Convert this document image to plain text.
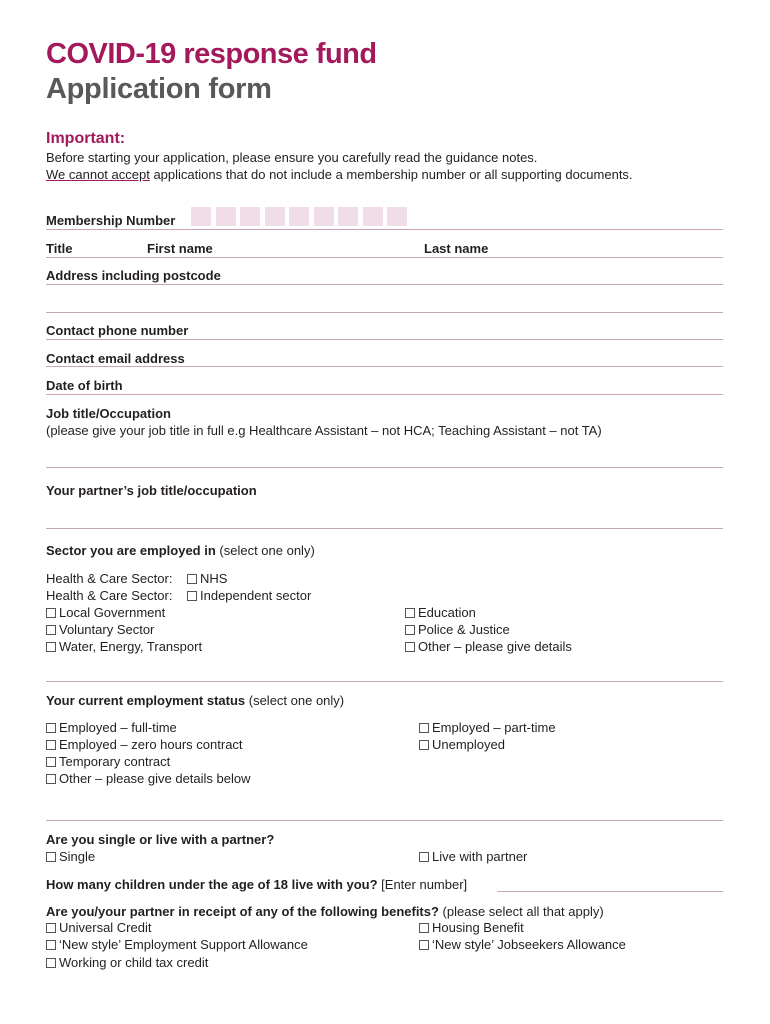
COVID-19 response fund
Application form
Important:
Before starting your application, please ensure you carefully read the guidance notes.
We cannot accept applications that do not include a membership number or all supporting documents.
Membership Number
Title	First name	Last name
Address including postcode
Contact phone number
Contact email address
Date of birth
Job title/Occupation
(please give your job title in full e.g Healthcare Assistant – not HCA; Teaching Assistant – not TA)
Your partner’s job title/occupation
Sector you are employed in (select one only)
Health & Care Sector:	NHS
Health & Care Sector:	Independent sector
Local Government
Voluntary Sector
Water, Energy, Transport
Education
Police & Justice
Other – please give details
Your current employment status (select one only)
Employed – full-time
Employed – zero hours contract
Temporary contract
Other – please give details below
Employed – part-time
Unemployed
Are you single or live with a partner?
Single	Live with partner
How many children under the age of 18 live with you? [Enter number]
Are you/your partner in receipt of any of the following benefits? (please select all that apply)
Universal Credit
‘New style’ Employment Support Allowance
Working or child tax credit
Housing Benefit
‘New style’ Jobseekers Allowance
